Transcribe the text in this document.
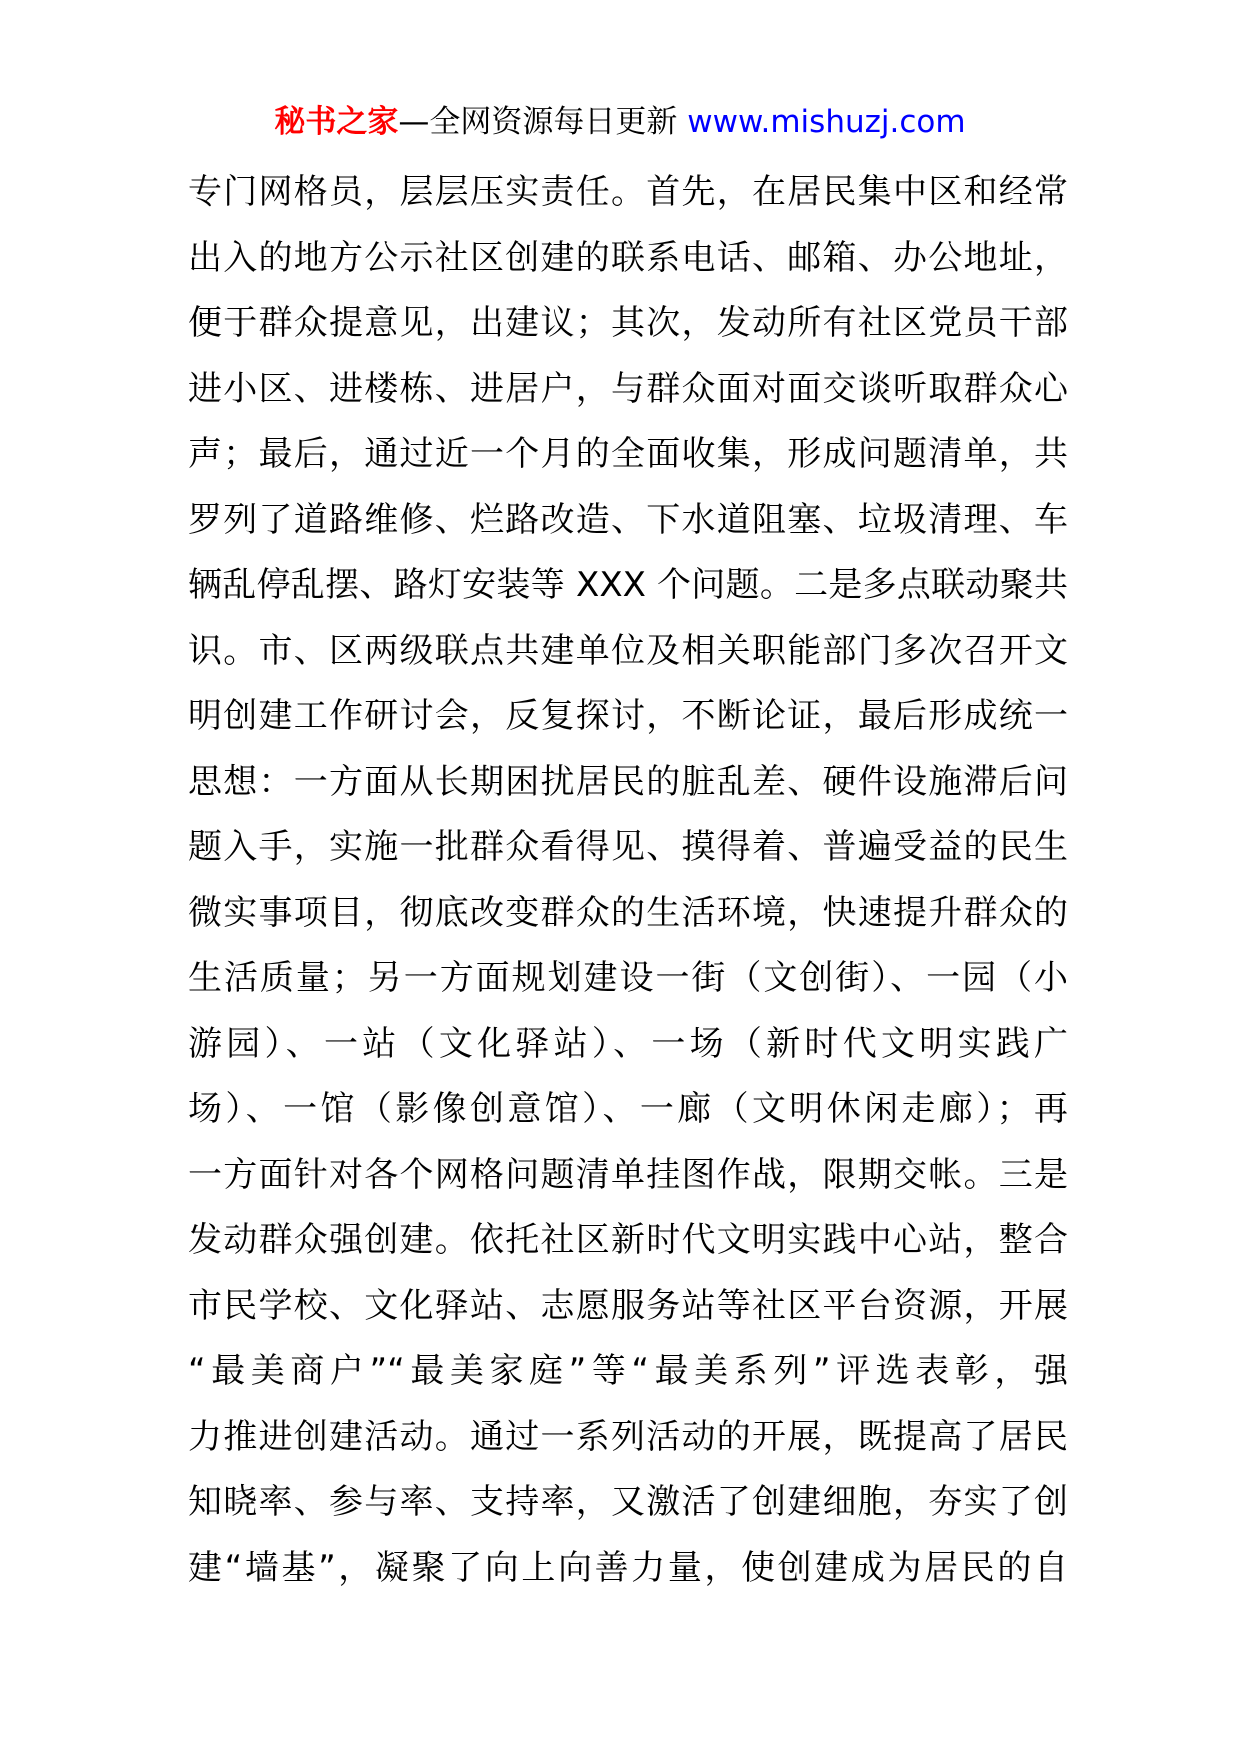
秘书之家—全网资源每日更新 www.mishuzj.com
专门网格员，层层压实责任。首先，在居民集中区和经常
出入的地方公示社区创建的联系电话、邮箱、办公地址，
便于群众提意见，出建议；其次，发动所有社区党员干部
进小区、进楼栋、进居户，与群众面对面交谈听取群众心
声；最后，通过近一个月的全面收集，形成问题清单，共
罗列了道路维修、烂路改造、下水道阻塞、垃圾清理、车
辆乱停乱摆、路灯安装等 XXX 个问题。二是多点联动聚共
识。市、区两级联点共建单位及相关职能部门多次召开文
明创建工作研讨会，反复探讨，不断论证，最后形成统一
思想：一方面从长期困扰居民的脏乱差、硬件设施滞后问
题入手，实施一批群众看得见、摸得着、普遍受益的民生
微实事项目，彻底改变群众的生活环境，快速提升群众的
生活质量；另一方面规划建设一街（文创街）、一园（小
游园）、一站（文化驿站）、一场（新时代文明实践广
场）、一馆（影像创意馆）、一廊（文明休闲走廊）；再
一方面针对各个网格问题清单挂图作战，限期交帐。三是
发动群众强创建。依托社区新时代文明实践中心站，整合
市民学校、文化驿站、志愿服务站等社区平台资源，开展
“最美商户”“最美家庭”等“最美系列”评选表彰，强
力推进创建活动。通过一系列活动的开展，既提高了居民
知晓率、参与率、支持率，又激活了创建细胞，夯实了创
建“墙基”，凝聚了向上向善力量，使创建成为居民的自
